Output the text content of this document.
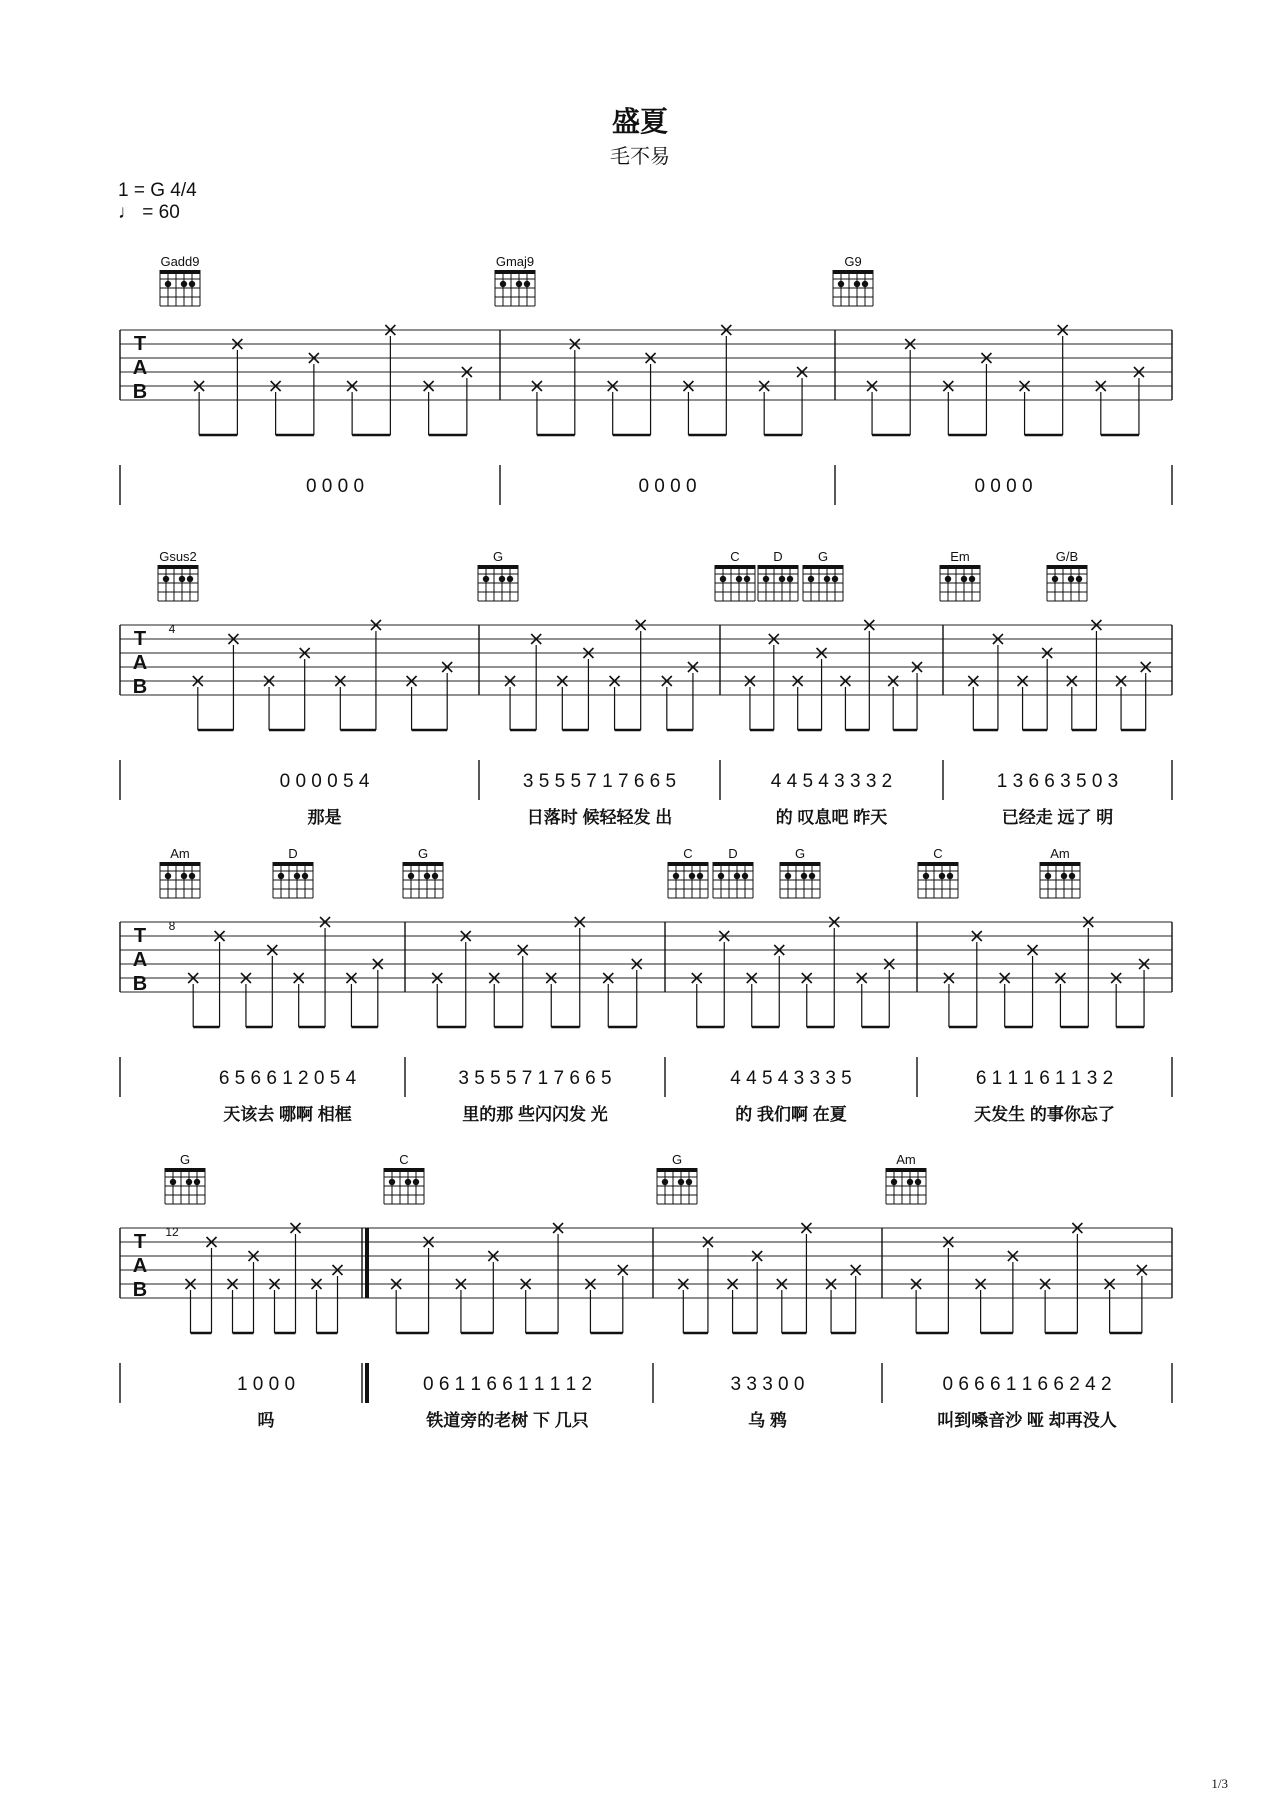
盛夏
毛不易
1 = G 4/4
♩ = 60
1/3
Gadd9	Gmaj9	G9
T
A
B
0 0 0 0	0 0 0 0	0 0 0 0
Gsus2	G	C	D	G	Em	G/B
T
A
B
4
0 0 0 0 5 4
那是
3 5 5 5 7 1 7 6 6 5
日落时 候轻轻发 出
4 4 5 4 3 3 3 2
的 叹息吧 昨天
1 3 6 6 3 5 0 3
已经走 远了 明
Am	D	G	C	D	G	C	Am
T
A
B
8
6 5 6 6 1 2 0 5 4
天该去 哪啊 相框
3 5 5 5 7 1 7 6 6 5
里的那 些闪闪发 光
4 4 5 4 3 3 3 5
的 我们啊 在夏
6 1 1 1 6 1 1 3 2
天发生 的事你忘了
G	C	G	Am
T
A
B
12
1 0 0 0
吗
0 6 1 1 6 6 1 1 1 1 2
铁道旁的老树 下 几只
3 3 3 0 0
乌 鸦
0 6 6 6 1 1 6 6 2 4 2
叫到嗓音沙 哑 却再没人
